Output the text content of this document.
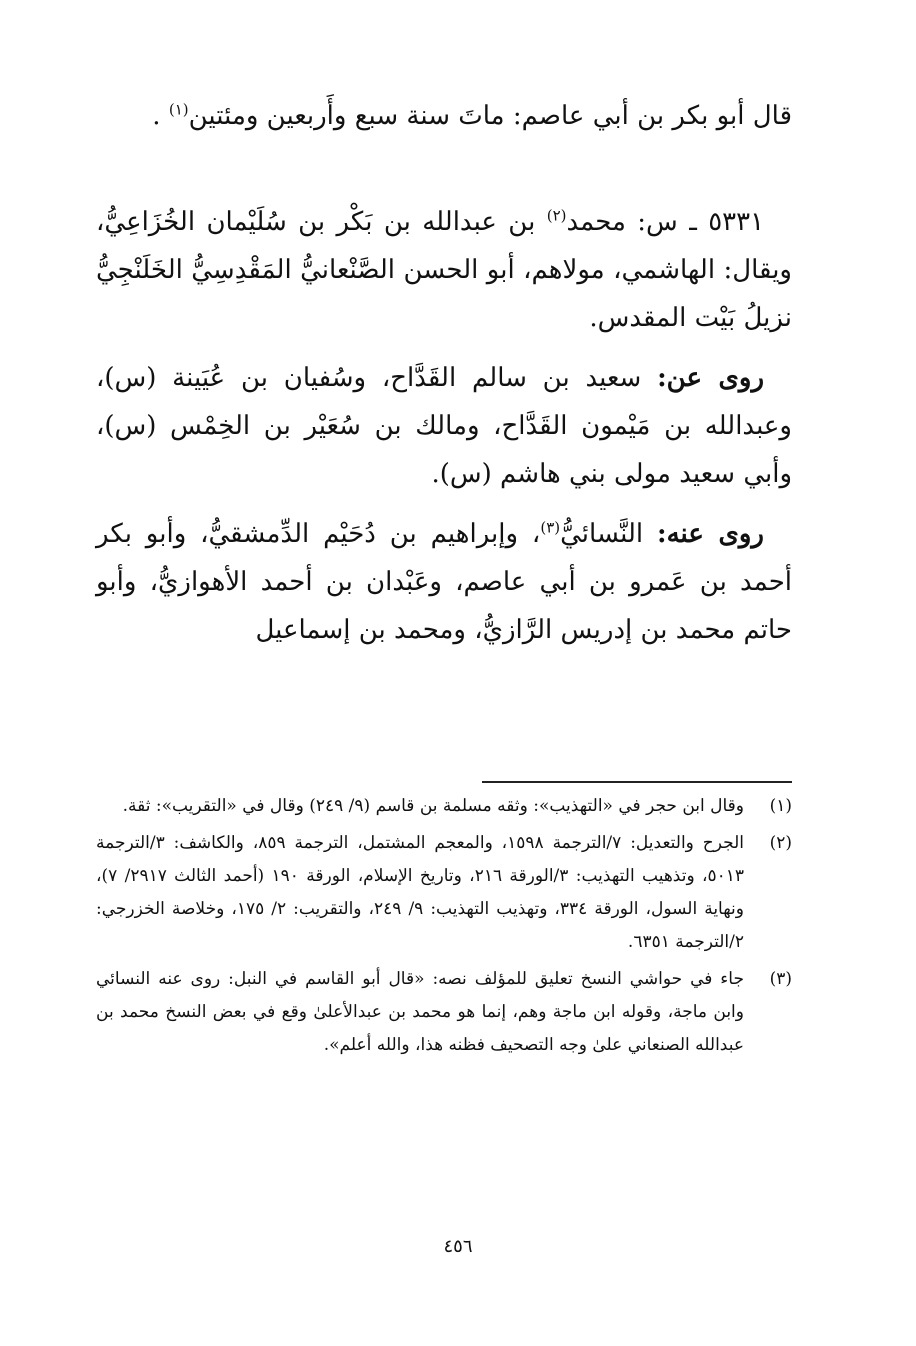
قال أبو بكر بن أبي عاصم: ماتَ سنة سبع وأَربعين ومئتين$^{(١)}$ .

٥٣٣١ ـ س: محمد$^{(٢)}$ بن عبدالله بن بَكْر بن سُلَيْمان الخُزَاعِيُّ، ويقال: الهاشمي، مولاهم، أبو الحسن الصَّنْعانيُّ المَقْدِسِيُّ الخَلَنْجِيُّ نزيلُ بَيْت المقدس.

روى عن: سعيد بن سالم القَدَّاح، وسُفيان بن عُيَينة (س)، وعبدالله بن مَيْمون القَدَّاح، ومالك بن سُعَيْر بن الخِمْس (س)، وأبي سعيد مولى بني هاشم (س).

روى عنه: النَّسائيُّ$^{(٣)}$، وإبراهيم بن دُحَيْم الدِّمشقيُّ، وأبو بكر أحمد بن عَمرو بن أبي عاصم، وعَبْدان بن أحمد الأهوازيُّ، وأبو حاتم محمد بن إدريس الرَّازيُّ، ومحمد بن إسماعيل

(١)
وقال ابن حجر في «التهذيب»: وثقه مسلمة بن قاسم (٩/ ٢٤٩) وقال في «التقريب»: ثقة.
(٢)
الجرح والتعديل: ٧/الترجمة ١٥٩٨، والمعجم المشتمل، الترجمة ٨٥٩، والكاشف: ٣/الترجمة ٥٠١٣، وتذهيب التهذيب: ٣/الورقة ٢١٦، وتاريخ الإسلام، الورقة ١٩٠ (أحمد الثالث ٢٩١٧/ ٧)، ونهاية السول، الورقة ٣٣٤، وتهذيب التهذيب: ٩/ ٢٤٩، والتقريب: ٢/ ١٧٥، وخلاصة الخزرجي: ٢/الترجمة ٦٣٥١.
(٣)
جاء في حواشي النسخ تعليق للمؤلف نصه: «قال أبو القاسم في النبل: روى عنه النسائي وابن ماجة، وقوله ابن ماجة وهم، إنما هو محمد بن عبدالأعلىٰ وقع في بعض النسخ محمد بن عبدالله الصنعاني علىٰ وجه التصحيف فظنه هذا، والله أعلم».
٤٥٦
